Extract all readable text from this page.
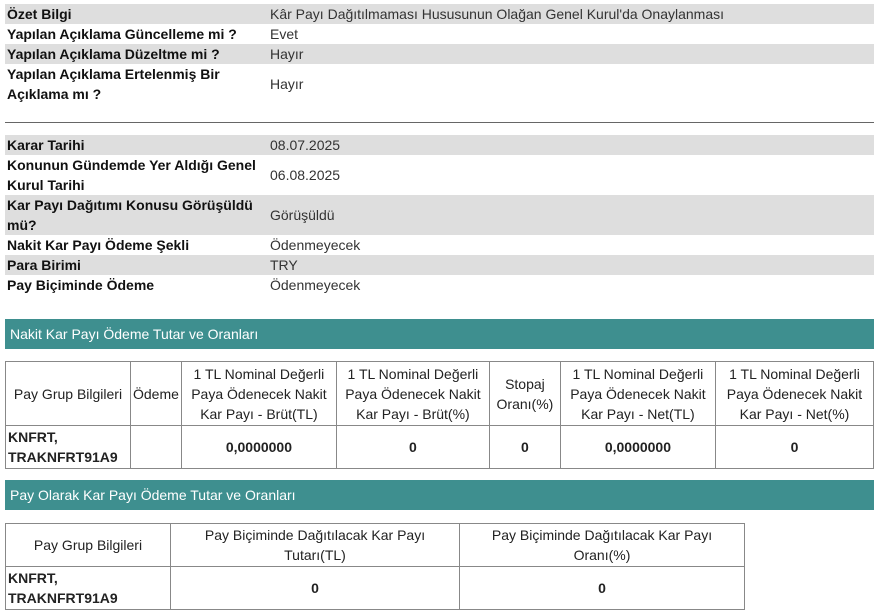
Özet Bilgi	Kâr Payı Dağıtılmaması Hususunun Olağan Genel Kurul'da Onaylanması
Yapılan Açıklama Güncelleme mi ?	Evet
Yapılan Açıklama Düzeltme mi ?	Hayır
Yapılan Açıklama Ertelenmiş Bir Açıklama mı ?	Hayır
Karar Tarihi	08.07.2025
Konunun Gündemde Yer Aldığı Genel Kurul Tarihi	06.08.2025
Kar Payı Dağıtımı Konusu Görüşüldü mü?	Görüşüldü
Nakit Kar Payı Ödeme Şekli	Ödenmeyecek
Para Birimi	TRY
Pay Biçiminde Ödeme	Ödenmeyecek
Nakit Kar Payı Ödeme Tutar ve Oranları
Pay Grup Bilgileri	Ödeme	1 TL Nominal Değerli Paya Ödenecek Nakit Kar Payı - Brüt(TL)	1 TL Nominal Değerli Paya Ödenecek Nakit Kar Payı - Brüt(%)	Stopaj Oranı(%)	1 TL Nominal Değerli Paya Ödenecek Nakit Kar Payı - Net(TL)	1 TL Nominal Değerli Paya Ödenecek Nakit Kar Payı - Net(%)
KNFRT, TRAKNFRT91A9		0,0000000	0	0	0,0000000	0
Pay Olarak Kar Payı Ödeme Tutar ve Oranları
Pay Grup Bilgileri	Pay Biçiminde Dağıtılacak Kar Payı Tutarı(TL)	Pay Biçiminde Dağıtılacak Kar Payı Oranı(%)
KNFRT, TRAKNFRT91A9	0	0
